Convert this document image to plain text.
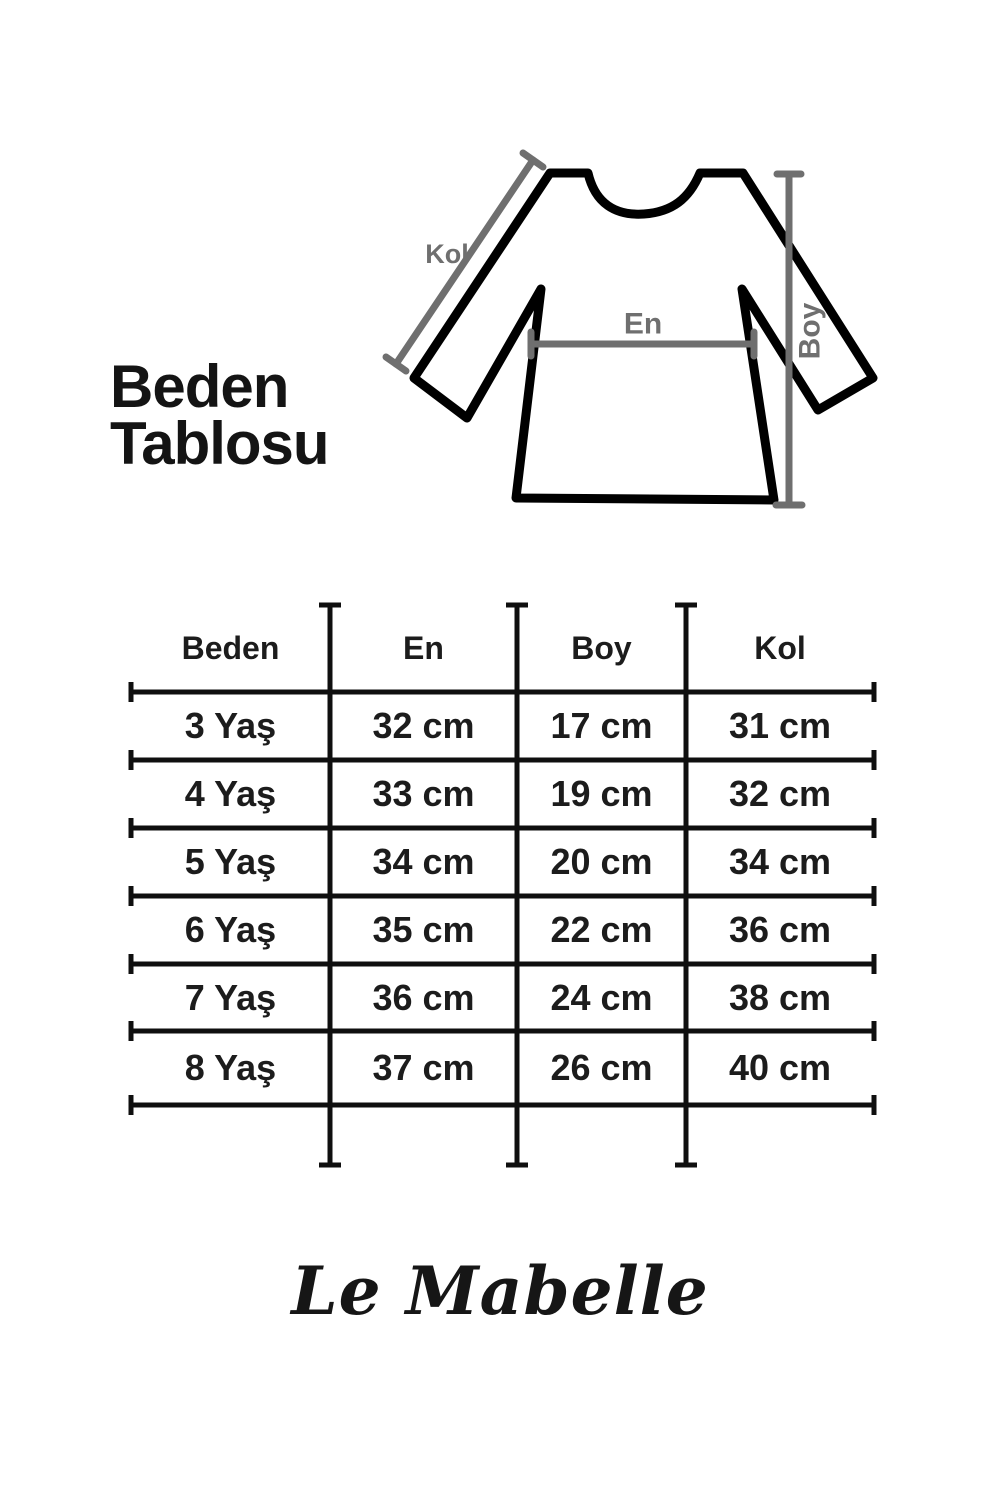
Beden
Tablosu
Kol
En	Boy
Beden	En	Boy	Kol
3 Yaş	32 cm	17 cm	31 cm
4 Yaş	33 cm	19 cm	32 cm
5 Yaş	34 cm	20 cm	34 cm
6 Yaş	35 cm	22 cm	36 cm
7 Yaş	36 cm	24 cm	38 cm
8 Yaş	37 cm	26 cm	40 cm
Le Mabelle
